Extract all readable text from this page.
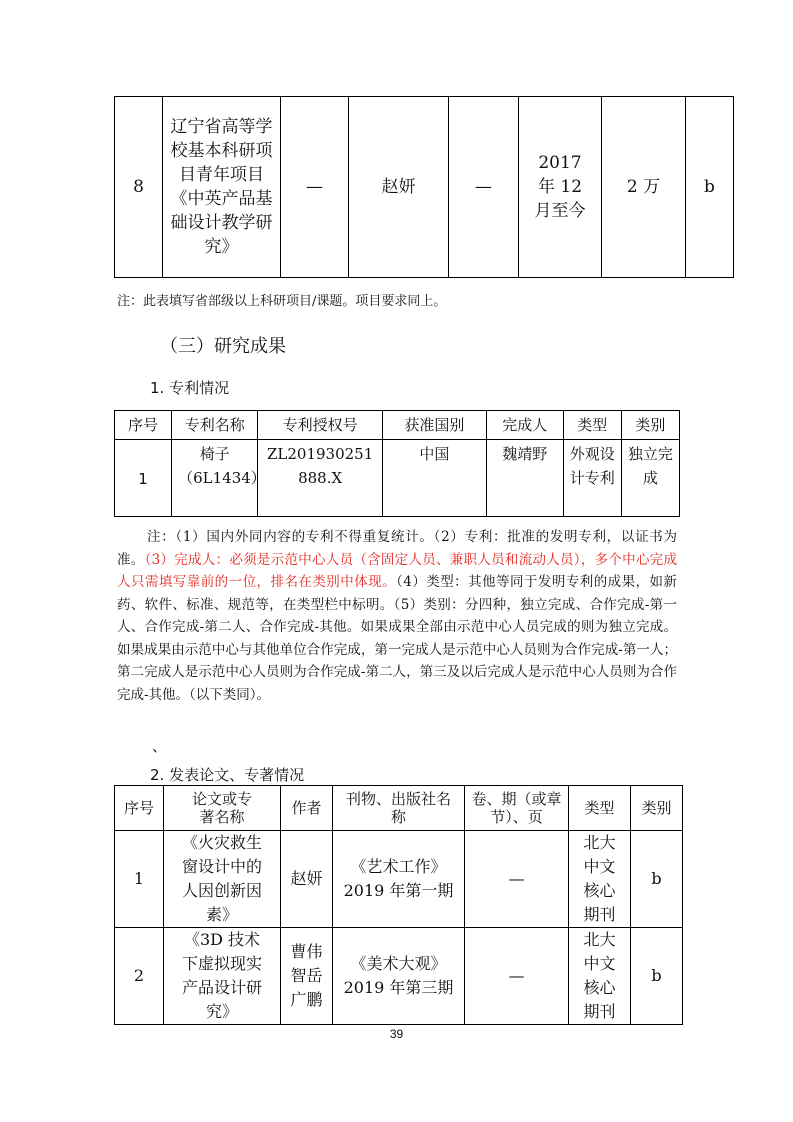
8	辽宁省高等学校基本科研项目青年项目《中英产品基础设计教学研究》	—	赵妍	—	2017 年 12 月至今	2 万	b
注：此表填写省部级以上科研项目/课题。项目要求同上。
（三）研究成果
1. 专利情况
序号	专利名称	专利授权号	获准国别	完成人	类型	类别
1	椅子（6L1434）	ZL201930251888.X	中国	魏靖野	外观设计专利	独立完成
注：（1）国内外同内容的专利不得重复统计。（2）专利：批准的发明专利，以证书为准。（3）完成人：必须是示范中心人员（含固定人员、兼职人员和流动人员），多个中心完成人只需填写靠前的一位，排名在类别中体现。（4）类型：其他等同于发明专利的成果，如新药、软件、标准、规范等，在类型栏中标明。（5）类别：分四种，独立完成、合作完成-第一人、合作完成-第二人、合作完成-其他。如果成果全部由示范中心人员完成的则为独立完成。如果成果由示范中心与其他单位合作完成，第一完成人是示范中心人员则为合作完成-第一人；第二完成人是示范中心人员则为合作完成-第二人，第三及以后完成人是示范中心人员则为合作完成-其他。（以下类同）。
、
2. 发表论文、专著情况
序号	论文或专著名称	作者	刊物、出版社名称	卷、期（或章节）、页	类型	类别
1	《火灾救生窗设计中的人因创新因素》	赵妍	《艺术工作》2019 年第一期	—	北大中文核心期刊	b
2	《3D 技术下虚拟现实产品设计研究》	曹伟智岳广鹏	《美术大观》2019 年第三期	—	北大中文核心期刊	b
39
